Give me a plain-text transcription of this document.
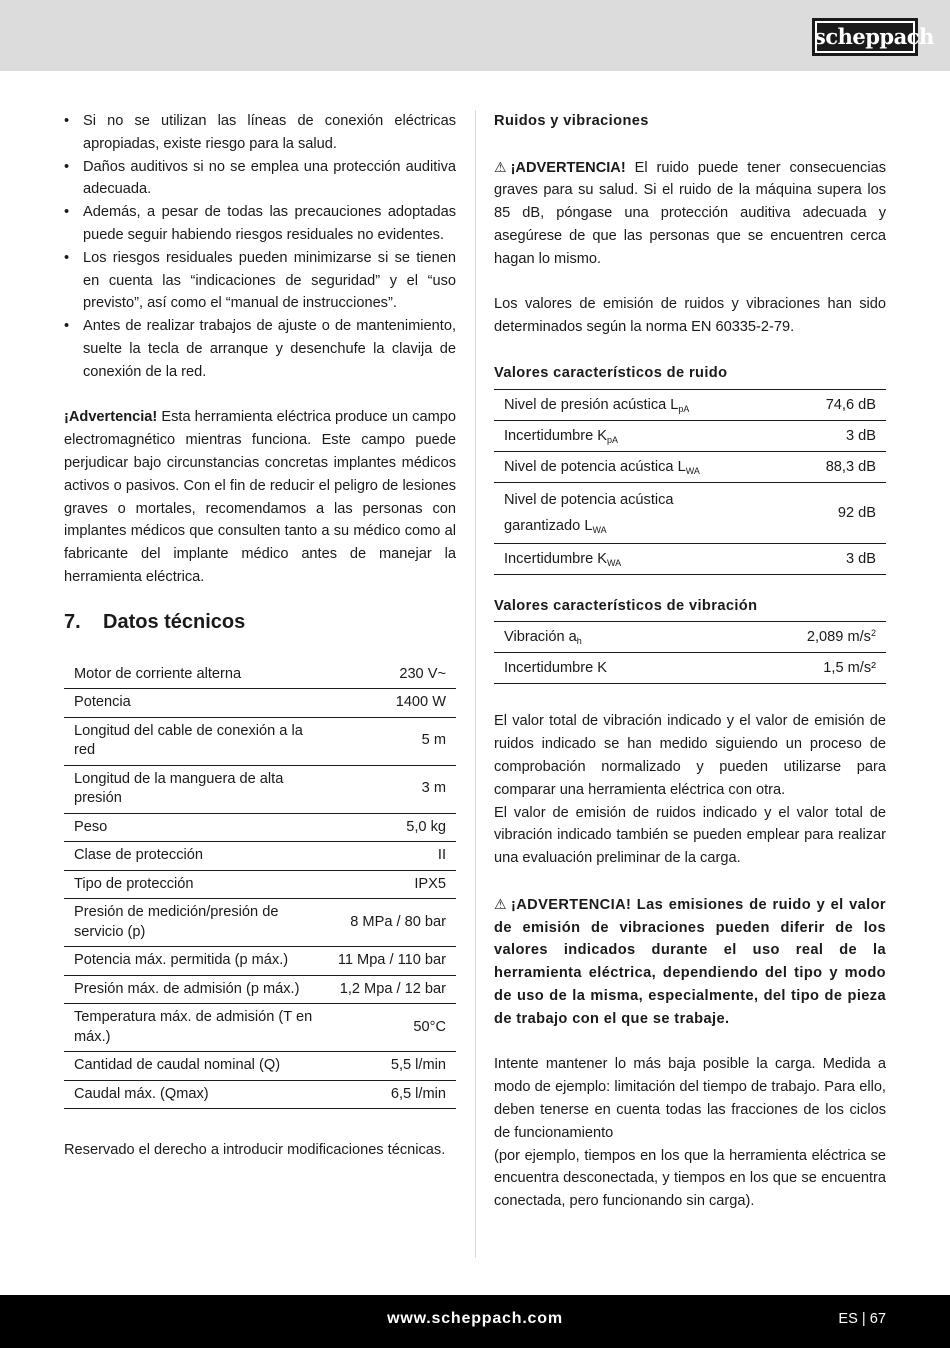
scheppach
• Si no se utilizan las líneas de conexión eléctricas apropiadas, existe riesgo para la salud.
• Daños auditivos si no se emplea una protección auditiva adecuada.
• Además, a pesar de todas las precauciones adoptadas puede seguir habiendo riesgos residuales no evidentes.
• Los riesgos residuales pueden minimizarse si se tienen en cuenta las “indicaciones de seguridad” y el “uso previsto”, así como el “manual de instrucciones”.
• Antes de realizar trabajos de ajuste o de mantenimiento, suelte la tecla de arranque y desenchufe la clavija de conexión de la red.

¡Advertencia! Esta herramienta eléctrica produce un campo electromagnético mientras funciona. Este campo puede perjudicar bajo circunstancias concretas implantes médicos activos o pasivos. Con el fin de reducir el peligro de lesiones graves o mortales, recomendamos a las personas con implantes médicos que consulten tanto a su médico como al fabricante del implante médico antes de manejar la herramienta eléctrica.

7.	Datos técnicos
Motor de corriente alterna	230 V~
Potencia	1400 W
Longitud del cable de conexión a la red	5 m
Longitud de la manguera de alta presión	3 m
Peso	5,0 kg
Clase de protección	II
Tipo de protección	IPX5
Presión de medición/presión de servicio (p)	8 MPa / 80 bar
Potencia máx. permitida (p máx.)	11 Mpa / 110 bar
Presión máx. de admisión (p máx.)	1,2 Mpa / 12 bar
Temperatura máx. de admisión (T en máx.)	50°C
Cantidad de caudal nominal (Q)	5,5 l/min
Caudal máx. (Qmax)	6,5 l/min

Reservado el derecho a introducir modificaciones técnicas.

Ruidos y vibraciones

⚠ ¡ADVERTENCIA! El ruido puede tener consecuencias graves para su salud. Si el ruido de la máquina supera los 85 dB, póngase una protección auditiva adecuada y asegúrese de que las personas que se encuentren cerca hagan lo mismo.

Los valores de emisión de ruidos y vibraciones han sido determinados según la norma EN 60335-2-79.

Valores característicos de ruido

Nivel de presión acústica $L_{pA}$	74,6 dB
Incertidumbre $K_{pA}$	3 dB
Nivel de potencia acústica $L_{WA}$	88,3 dB
Nivel de potencia acústica
garantizado $L_{WA}$	92 dB
Incertidumbre $K_{WA}$	3 dB

Valores característicos de vibración

Vibración $a_h$	2,089 $m/s^2$
Incertidumbre K	1,5 m/s²

El valor total de vibración indicado y el valor de emisión de ruidos indicado se han medido siguiendo un proceso de comprobación normalizado y pueden utilizarse para comparar una herramienta eléctrica con otra.

El valor de emisión de ruidos indicado y el valor total de vibración indicado también se pueden emplear para realizar una evaluación preliminar de la carga.

⚠ ¡ADVERTENCIA! Las emisiones de ruido y el valor de emisión de vibraciones pueden diferir de los valores indicados durante el uso real de la herramienta eléctrica, dependiendo del tipo y modo de uso de la misma, especialmente, del tipo de pieza de trabajo con el que se trabaje.

Intente mantener lo más baja posible la carga. Medida a modo de ejemplo: limitación del tiempo de trabajo. Para ello, deben tenerse en cuenta todas las fracciones de los ciclos de funcionamiento

(por ejemplo, tiempos en los que la herramienta eléctrica se encuentra desconectada, y tiempos en los que se encuentra conectada, pero funcionando sin carga).

www.scheppach.com	ES | 67
